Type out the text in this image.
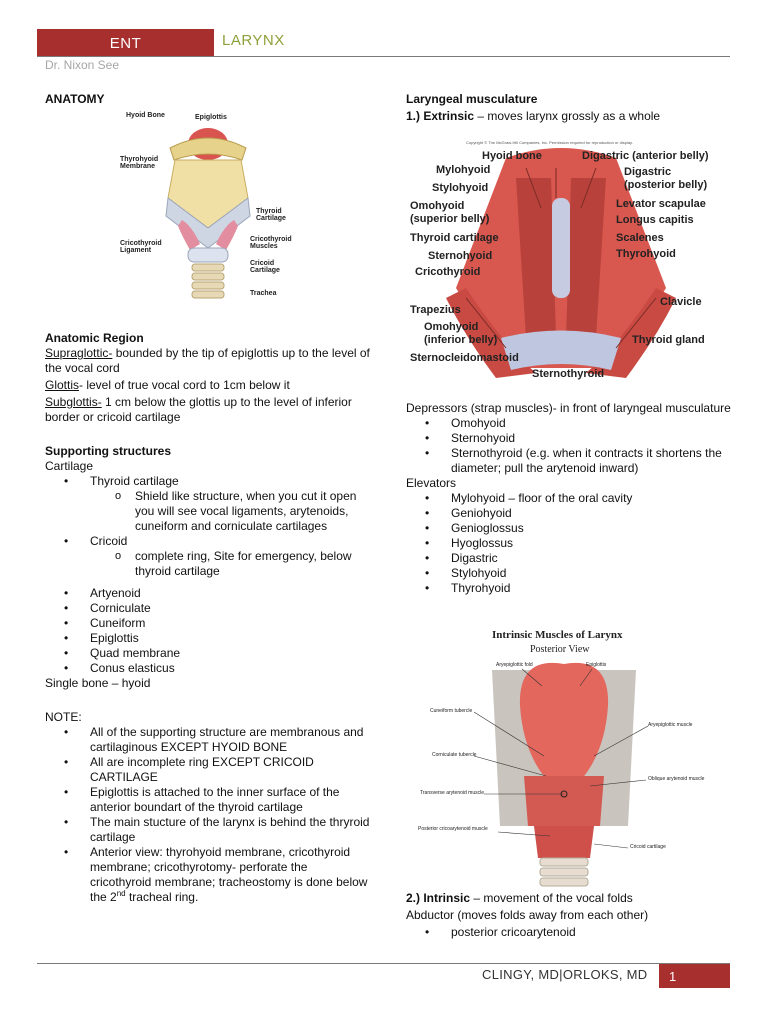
ENT	LARYNX
Dr. Nixon See
ANATOMY
Anatomic Region

Supraglottic- bounded by the tip of epiglottis up to the level of the vocal cord

Glottis- level of true vocal cord to 1cm below it

Subglottis- 1 cm below the glottis up to the level of inferior border or cricoid cartilage

Supporting structures
Cartilage
• Thyroid cartilage
o Shield like structure, when you cut it open you will see vocal ligaments, arytenoids, cuneiform and corniculate cartilages
• Cricoid
o complete ring, Site for emergency, below thyroid cartilage
• Artyenoid
• Corniculate
• Cuneiform
• Epiglottis
• Quad membrane
• Conus elasticus
Single bone – hyoid
NOTE:
• All of the supporting structure are membranous and cartilaginous EXCEPT HYOID BONE
• All are incomplete ring EXCEPT CRICOID CARTILAGE
• Epiglottis is attached to the inner surface of the anterior boundart of the thyroid cartilage
• The main stucture of the larynx is behind the thryroid cartilage
• Anterior view: thyrohyoid membrane, cricothyroid membrane; cricothyrotomy- perforate the cricothyroid membrane; tracheostomy is done below the 2nd tracheal ring.
Hyoid Bone	Epiglottis
Thyrohyoid Membrane
Thyroid Cartilage
Cricothyroid Ligament
Cricothyroid Muscles
Cricoid Cartilage
Trachea
Laryngeal musculature

1.) Extrinsic – moves larynx grossly as a whole

Depressors (strap muscles)- in front of laryngeal musculature

• Omohyoid
• Sternohyoid
• Sternothyroid (e.g. when it contracts it shortens the diameter; pull the arytenoid inward)
Elevators
• Mylohyoid – floor of the oral cavity
• Geniohyoid
• Genioglossus
• Hyoglossus
• Digastric
• Stylohyoid
• Thyrohyoid
Copyright © The McGraw-Hill Companies, Inc. Permission required for reproduction or display.
Hyoid bone
Mylohyoid
Stylohyoid
Omohyoid
(superior belly)
Thyroid cartilage
Sternohyoid
Cricothyroid
Trapezius
Omohyoid
(inferior belly)
Sternocleidomastoid
Digastric (anterior belly)
Digastric
(posterior belly)
Levator scapulae
Longus capitis
Scalenes
Thyrohyoid
Clavicle
Thyroid gland
Sternothyroid
Intrinsic Muscles of Larynx
Posterior View
Aryepiglottic fold	Epiglottis
Cuneiform tubercle
Aryepiglottic muscle
Corniculate tubercle
Oblique arytenoid muscle
Transverse arytenoid muscle
Posterior cricoarytenoid muscle
Cricoid cartilage

2.) Intrinsic – movement of the vocal folds

Abductor (moves folds away from each other)

• posterior cricoarytenoid
CLINGY, MD|ORLOKS, MD 1
